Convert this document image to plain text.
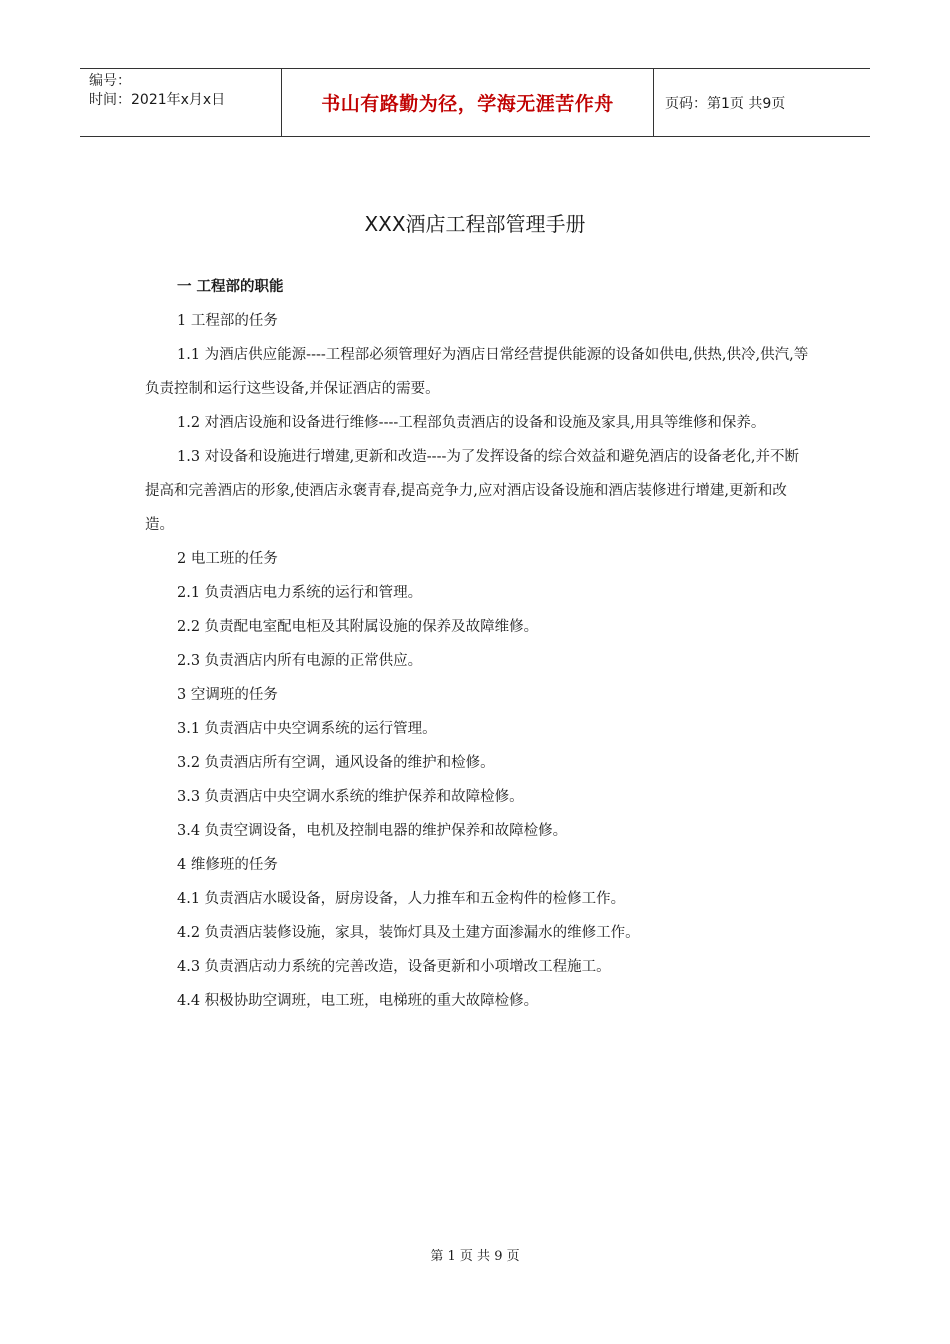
编号：
时间：2021年x月x日	书山有路勤为径，学海无涯苦作舟	页码：第1页 共9页
XXX酒店工程部管理手册

一 工程部的职能

1 工程部的任务

1.1 为酒店供应能源----工程部必须管理好为酒店日常经营提供能源的设备如供电,供热,供冷,供汽,等负责控制和运行这些设备,并保证酒店的需要。

1.2 对酒店设施和设备进行维修----工程部负责酒店的设备和设施及家具,用具等维修和保养。

1.3 对设备和设施进行增建,更新和改造----为了发挥设备的综合效益和避免酒店的设备老化,并不断提高和完善酒店的形象,使酒店永褒青春,提高竞争力,应对酒店设备设施和酒店装修进行增建,更新和改造。

2 电工班的任务

2.1 负责酒店电力系统的运行和管理。

2.2 负责配电室配电柜及其附属设施的保养及故障维修。

2.3 负责酒店内所有电源的正常供应。

3 空调班的任务

3.1 负责酒店中央空调系统的运行管理。

3.2 负责酒店所有空调，通风设备的维护和检修。

3.3 负责酒店中央空调水系统的维护保养和故障检修。

3.4 负责空调设备，电机及控制电器的维护保养和故障检修。

4 维修班的任务

4.1 负责酒店水暖设备，厨房设备，人力推车和五金构件的检修工作。

4.2 负责酒店装修设施，家具，装饰灯具及土建方面渗漏水的维修工作。

4.3 负责酒店动力系统的完善改造，设备更新和小项增改工程施工。

4.4 积极协助空调班，电工班，电梯班的重大故障检修。

第 1 页 共 9 页
